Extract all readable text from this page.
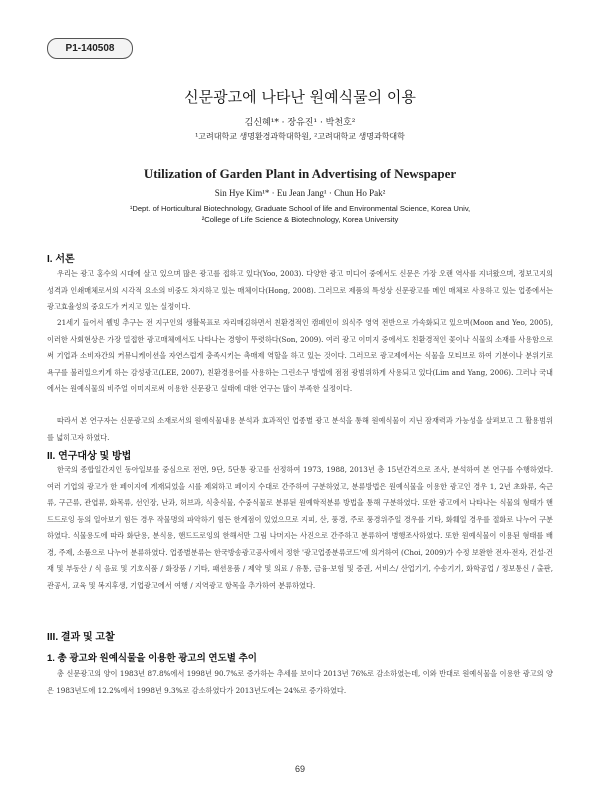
P1-140508
신문광고에 나타난 원예식물의 이용
김신혜¹* · 장유진¹ · 박천호²
¹고려대학교 생명환경과학대학원, ²고려대학교 생명과학대학
Utilization of Garden Plant in Advertising of Newspaper
Sin Hye Kim¹* · Eu Jean Jang¹ · Chun Ho Pak²
¹Dept. of Horticultural Biotechnology, Graduate School of life and Environmental Science, Korea Univ,
²College of Life Science & Biotechnology, Korea University
I. 서론

우리는 광고 홍수의 시대에 살고 있으며 많은 광고를 접하고 있다(Yoo, 2003). 다양한 광고 미디어 중에서도 신문은 가장 오랜 역사를 지녀왔으며, 정보고지의 성격과 인쇄매체로서의 시각적 요소의 비중도 차지하고 있는 매체이다(Hong, 2008). 그러므로 제품의 특성상 신문광고를 메인 매체로 사용하고 있는 업종에서는 광고효율성의 중요도가 커지고 있는 실정이다.

21세기 들어서 웰빙 추구는 전 지구인의 생활목표로 자리매김하면서 친환경적인 캠페인이 의식주 영역 전반으로 가속화되고 있으며(Moon and Yeo, 2005), 이러한 사회현상은 가장 밀접한 광고매체에서도 나타나는 경향이 뚜렷하다(Son, 2009). 여러 광고 이미지 중에서도 친환경적인 꽃이나 식물의 소재를 사용함으로써 기업과 소비자간의 커뮤니케이션을 자연스럽게 충족시키는 촉매제 역할을 하고 있는 것이다. 그러므로 광고제에서는 식물을 모티브로 하여 기분이나 분위기로 욕구를 불러일으키게 하는 감성광고(LEE, 2007), 친환경용어를 사용하는 그린소구 방법에 점점 광범위하게 사용되고 있다(Lim and Yang, 2006). 그러나 국내에서는 원예식물의 비주얼 이미지로써 이용한 신문광고 실태에 대한 연구는 많이 부족한 실정이다.

따라서 본 연구자는 신문광고의 소재로서의 원예식물내용 분석과 효과적인 업종별 광고 분석을 통해 원예식물이 지닌 잠재력과 가능성을 살펴보고 그 활용범위를 넓히고자 하였다.

II. 연구대상 및 방법

한국의 종합일간지인 동아일보를 중심으로 전면, 9단, 5단통 광고를 선정하여 1973, 1988, 2013년 총 15년간격으로 조사, 분석하여 본 연구를 수행하였다. 여러 기업의 광고가 한 페이지에 게재되었을 시를 제외하고 페이지 수대로 간주하여 구분하였고, 분류방법은 원예식물을 이용한 광고인 경우 1, 2년 초화류, 숙근류, 구근류, 관엽류, 화목류, 선인장, 난과, 허브과, 식충식물, 수중식물로 분류된 원예학적분류 방법을 통해 구분하였다. 또한 광고에서 나타나는 식물의 형태가 핸드드로잉 등의 일아보기 힘든 경우 작물명의 파악하기 힘든 한계점이 있었으므로 지피, 산, 풍경, 주로 풍경위주일 경우를 기타, 화훼일 경우를 절화로 나누어 구분하였다. 식물용도에 따라 화단용, 분식용, 핸드드로잉의 한해서만 그림 나머지는 사진으로 간주하고 분류하여 병행조사하였다. 또한 원예식물이 이용된 형태를 배경, 주제, 소품으로 나누어 분류하였다. 업종별분류는 한국방송광고공사에서 정한 '광고업종분류코드'에 의거하여 (Choi, 2009)가 수정 보완한 전자·전자, 건설·건재 및 부동산 / 식 음료 및 기호식품 / 화장품 / 기타, 패션용품 / 제약 및 의료 / 유통, 금융·보험 및 증권, 서비스/ 산업기기, 수송기기, 화학공업 / 정보통신 / 출판, 관공서, 교육 및 복지후생, 기업광고에서 여행 / 지역광고 항목을 추가하여 분류하였다.

III. 결과 및 고찰
1. 총 광고와 원예식물을 이용한 광고의 연도별 추이

총 신문광고의 양이 1983년 87.8%에서 1998년 90.7%로 증가하는 추세를 보이다 2013년 76%로 감소하였는데, 이와 반대로 원예식물을 이용한 광고의 양은 1983년도에 12.2%에서 1998년 9.3%로 감소하였다가 2013년도에는 24%로 증가하였다.

69
